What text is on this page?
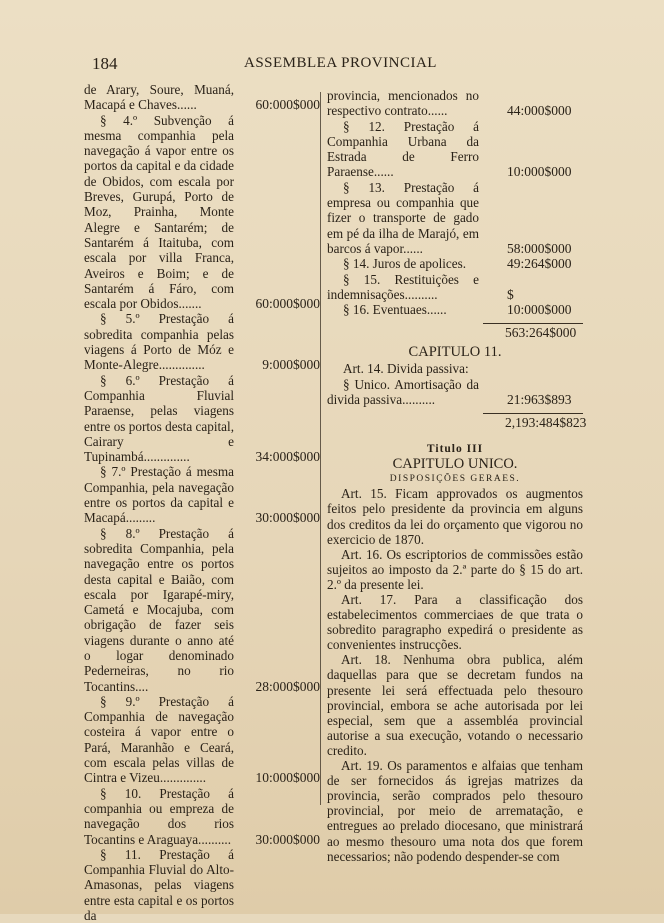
184	ASSEMBLEA PROVINCIAL
de Arary, Soure, Muaná, Macapá e Chaves......	60:000$000
§ 4.º Subvenção á mesma companhia pela navegação á vapor entre os portos da capital e da cidade de Obidos, com escala por Breves, Gurupá, Porto de Moz, Prainha, Monte Alegre e Santarém; de Santarém á Itaituba, com escala por villa Franca, Aveiros e Boim; e de Santarém á Fáro, com escala por Obidos.......	60:000$000
§ 5.º Prestação á sobredita companhia pelas viagens á Porto de Móz e Monte-Alegre..............	9:000$000
§ 6.º Prestação á Companhia Fluvial Paraense, pelas viagens entre os portos desta capital, Cairary e Tupinambá..............	34:000$000
§ 7.º Prestação á mesma Companhia, pela navegação entre os portos da capital e Macapá.........	30:000$000
§ 8.º Prestação á sobredita Companhia, pela navegação entre os portos desta capital e Baião, com escala por Igarapé-miry, Cametá e Mocajuba, com obrigação de fazer seis viagens durante o anno até o logar denominado Pederneiras, no rio Tocantins....	28:000$000
§ 9.º Prestação á Companhia de navegação costeira á vapor entre o Pará, Maranhão e Ceará, com escala pelas villas de Cintra e Vizeu..............	10:000$000
§ 10. Prestação á companhia ou empreza de navegação dos rios Tocantins e Araguaya.......... 30:000$000
§ 11. Prestação á Companhia Fluvial do Alto-Amasonas, pelas viagens entre esta capital e os portos da
provincia, mencionados no respectivo contrato......	44:000$000
§ 12. Prestação á Companhia Urbana da Estrada de Ferro Paraense......	10:000$000
§ 13. Prestação á empresa ou companhia que fizer o transporte de gado em pé da ilha de Marajó, em barcos á vapor......	58:000$000
§ 14. Juros de apolices.	49:264$000
§ 15. Restituições e indemnisações..........	$
§ 16. Eventuaes......	10:000$000
563:264$000
CAPITULO 11.
Art. 14. Divida passiva:
§ Unico. Amortisação da divida passiva..........	21:963$893
2,193:484$823
Titulo III
CAPITULO UNICO.
DISPOSIÇÕES GERAES.

Art. 15. Ficam approvados os augmentos feitos pelo presidente da provincia em alguns dos creditos da lei do orçamento que vigorou no exercicio de 1870.

Art. 16. Os escriptorios de commissões estão sujeitos ao imposto da 2.ª parte do § 15 do art. 2.º da presente lei.

Art. 17. Para a classificação dos estabelecimentos commerciaes de que trata o sobredito paragrapho expedirá o presidente as convenientes instrucções.

Art. 18. Nenhuma obra publica, além daquellas para que se decretam fundos na presente lei será effectuada pelo thesouro provincial, embora se ache autorisada por lei especial, sem que a assembléa provincial autorise a sua execução, votando o necessario credito.

Art. 19. Os paramentos e alfaias que tenham de ser fornecidos ás igrejas matrizes da provincia, serão comprados pelo thesouro provincial, por meio de arrematação, e entregues ao prelado diocesano, que ministrará ao mesmo thesouro uma nota dos que forem necessarios; não podendo despender-se com
